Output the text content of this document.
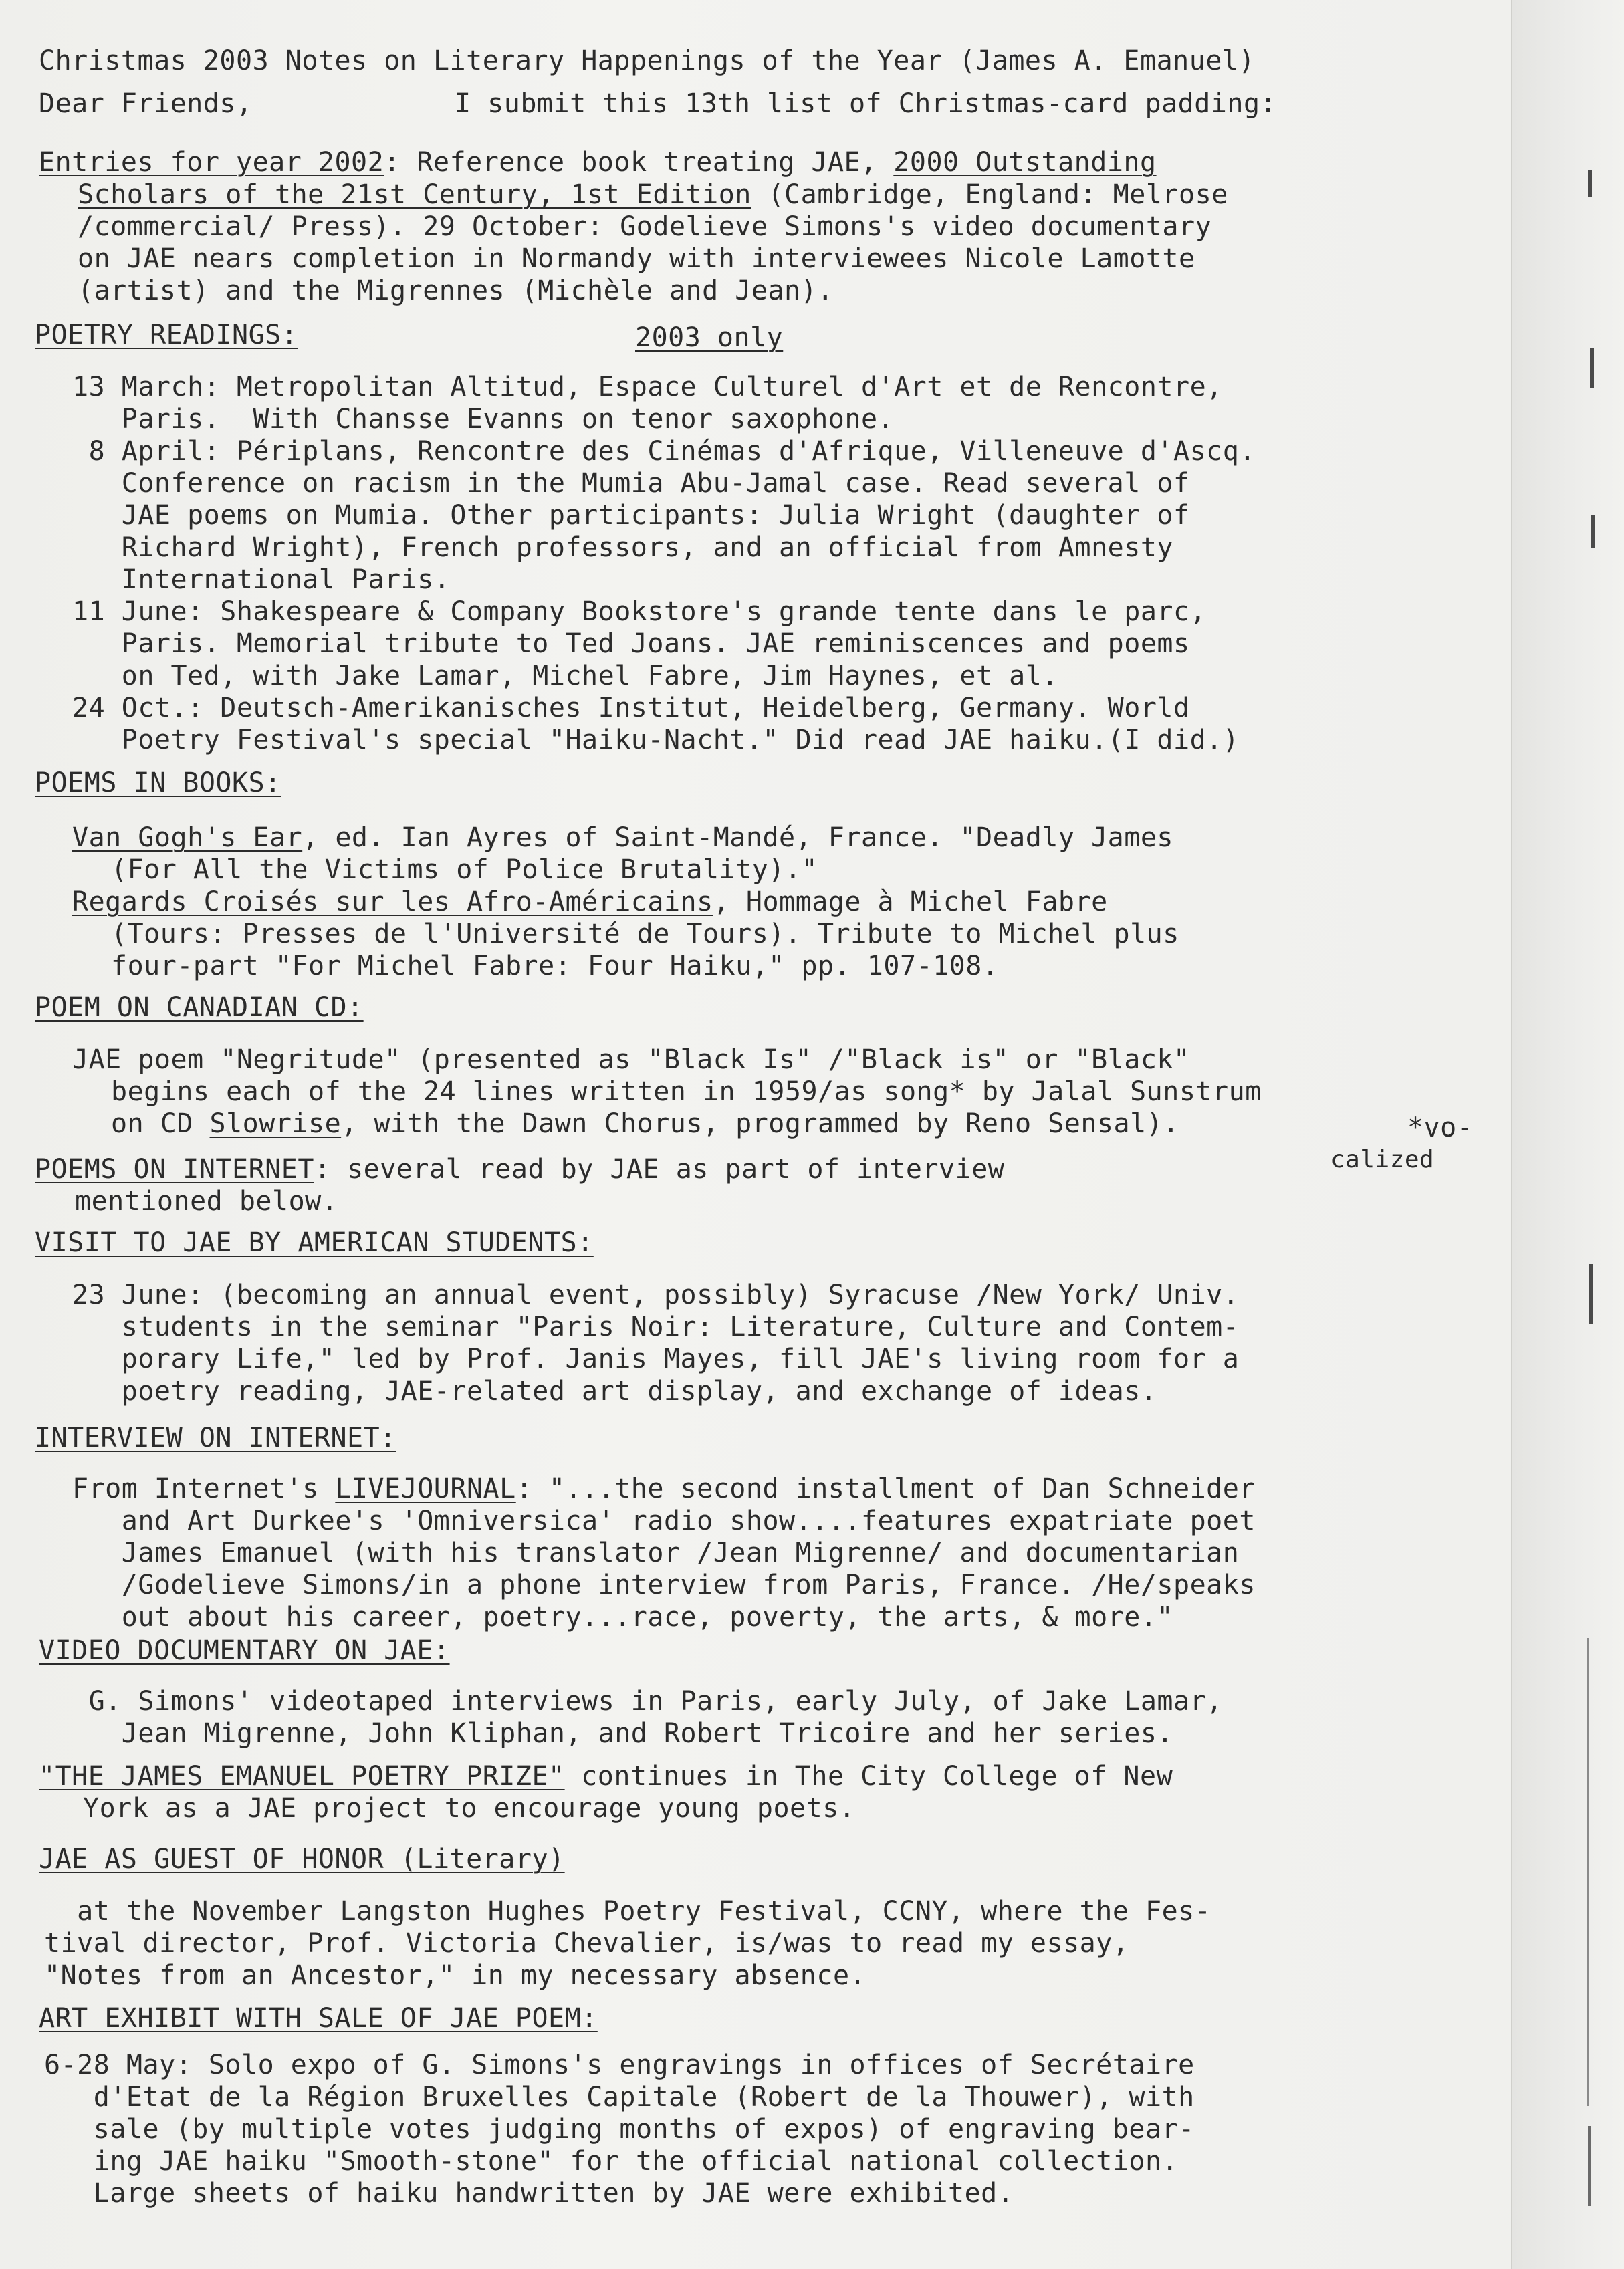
Christmas 2003 Notes on Literary Happenings of the Year (James A. Emanuel)
Dear Friends,	I submit this 13th list of Christmas-card padding:
Entries for year 2002: Reference book treating JAE, 2000 Outstanding
Scholars of the 21st Century, 1st Edition (Cambridge, England: Melrose
/commercial/ Press). 29 October: Godelieve Simons's video documentary
on JAE nears completion in Normandy with interviewees Nicole Lamotte
(artist) and the Migrennes (Michèle and Jean).
POETRY READINGS:	2003 only
13 March: Metropolitan Altitud, Espace Culturel d'Art et de Rencontre,
Paris.  With Chansse Evanns on tenor saxophone.
8 April: Périplans, Rencontre des Cinémas d'Afrique, Villeneuve d'Ascq.
Conference on racism in the Mumia Abu-Jamal case. Read several of
JAE poems on Mumia. Other participants: Julia Wright (daughter of
Richard Wright), French professors, and an official from Amnesty
International Paris.
11 June: Shakespeare & Company Bookstore's grande tente dans le parc,
Paris. Memorial tribute to Ted Joans. JAE reminiscences and poems
on Ted, with Jake Lamar, Michel Fabre, Jim Haynes, et al.
24 Oct.: Deutsch-Amerikanisches Institut, Heidelberg, Germany. World
Poetry Festival's special "Haiku-Nacht." Did read JAE haiku.(I did.)
POEMS IN BOOKS:
Van Gogh's Ear, ed. Ian Ayres of Saint-Mandé, France. "Deadly James
(For All the Victims of Police Brutality)."
Regards Croisés sur les Afro-Américains, Hommage à Michel Fabre
(Tours: Presses de l'Université de Tours). Tribute to Michel plus
four-part "For Michel Fabre: Four Haiku," pp. 107-108.
POEM ON CANADIAN CD:
JAE poem "Negritude" (presented as "Black Is" /"Black is" or "Black"
begins each of the 24 lines written in 1959/as song* by Jalal Sunstrum
on CD Slowrise, with the Dawn Chorus, programmed by Reno Sensal).	*vo-
calized
POEMS ON INTERNET: several read by JAE as part of interview
mentioned below.
VISIT TO JAE BY AMERICAN STUDENTS:
23 June: (becoming an annual event, possibly) Syracuse /New York/ Univ.
students in the seminar "Paris Noir: Literature, Culture and Contem-
porary Life," led by Prof. Janis Mayes, fill JAE's living room for a
poetry reading, JAE-related art display, and exchange of ideas.
INTERVIEW ON INTERNET:
From Internet's LIVEJOURNAL: "...the second installment of Dan Schneider
and Art Durkee's 'Omniversica' radio show....features expatriate poet
James Emanuel (with his translator /Jean Migrenne/ and documentarian
/Godelieve Simons/in a phone interview from Paris, France. /He/speaks
out about his career, poetry...race, poverty, the arts, & more."
VIDEO DOCUMENTARY ON JAE:
G. Simons' videotaped interviews in Paris, early July, of Jake Lamar,
Jean Migrenne, John Kliphan, and Robert Tricoire and her series.
"THE JAMES EMANUEL POETRY PRIZE" continues in The City College of New
York as a JAE project to encourage young poets.
JAE AS GUEST OF HONOR (Literary)
at the November Langston Hughes Poetry Festival, CCNY, where the Fes-
tival director, Prof. Victoria Chevalier, is/was to read my essay,
"Notes from an Ancestor," in my necessary absence.
ART EXHIBIT WITH SALE OF JAE POEM:
6-28 May: Solo expo of G. Simons's engravings in offices of Secrétaire
d'Etat de la Région Bruxelles Capitale (Robert de la Thouwer), with
sale (by multiple votes judging months of expos) of engraving bear-
ing JAE haiku "Smooth-stone" for the official national collection.
Large sheets of haiku handwritten by JAE were exhibited.
